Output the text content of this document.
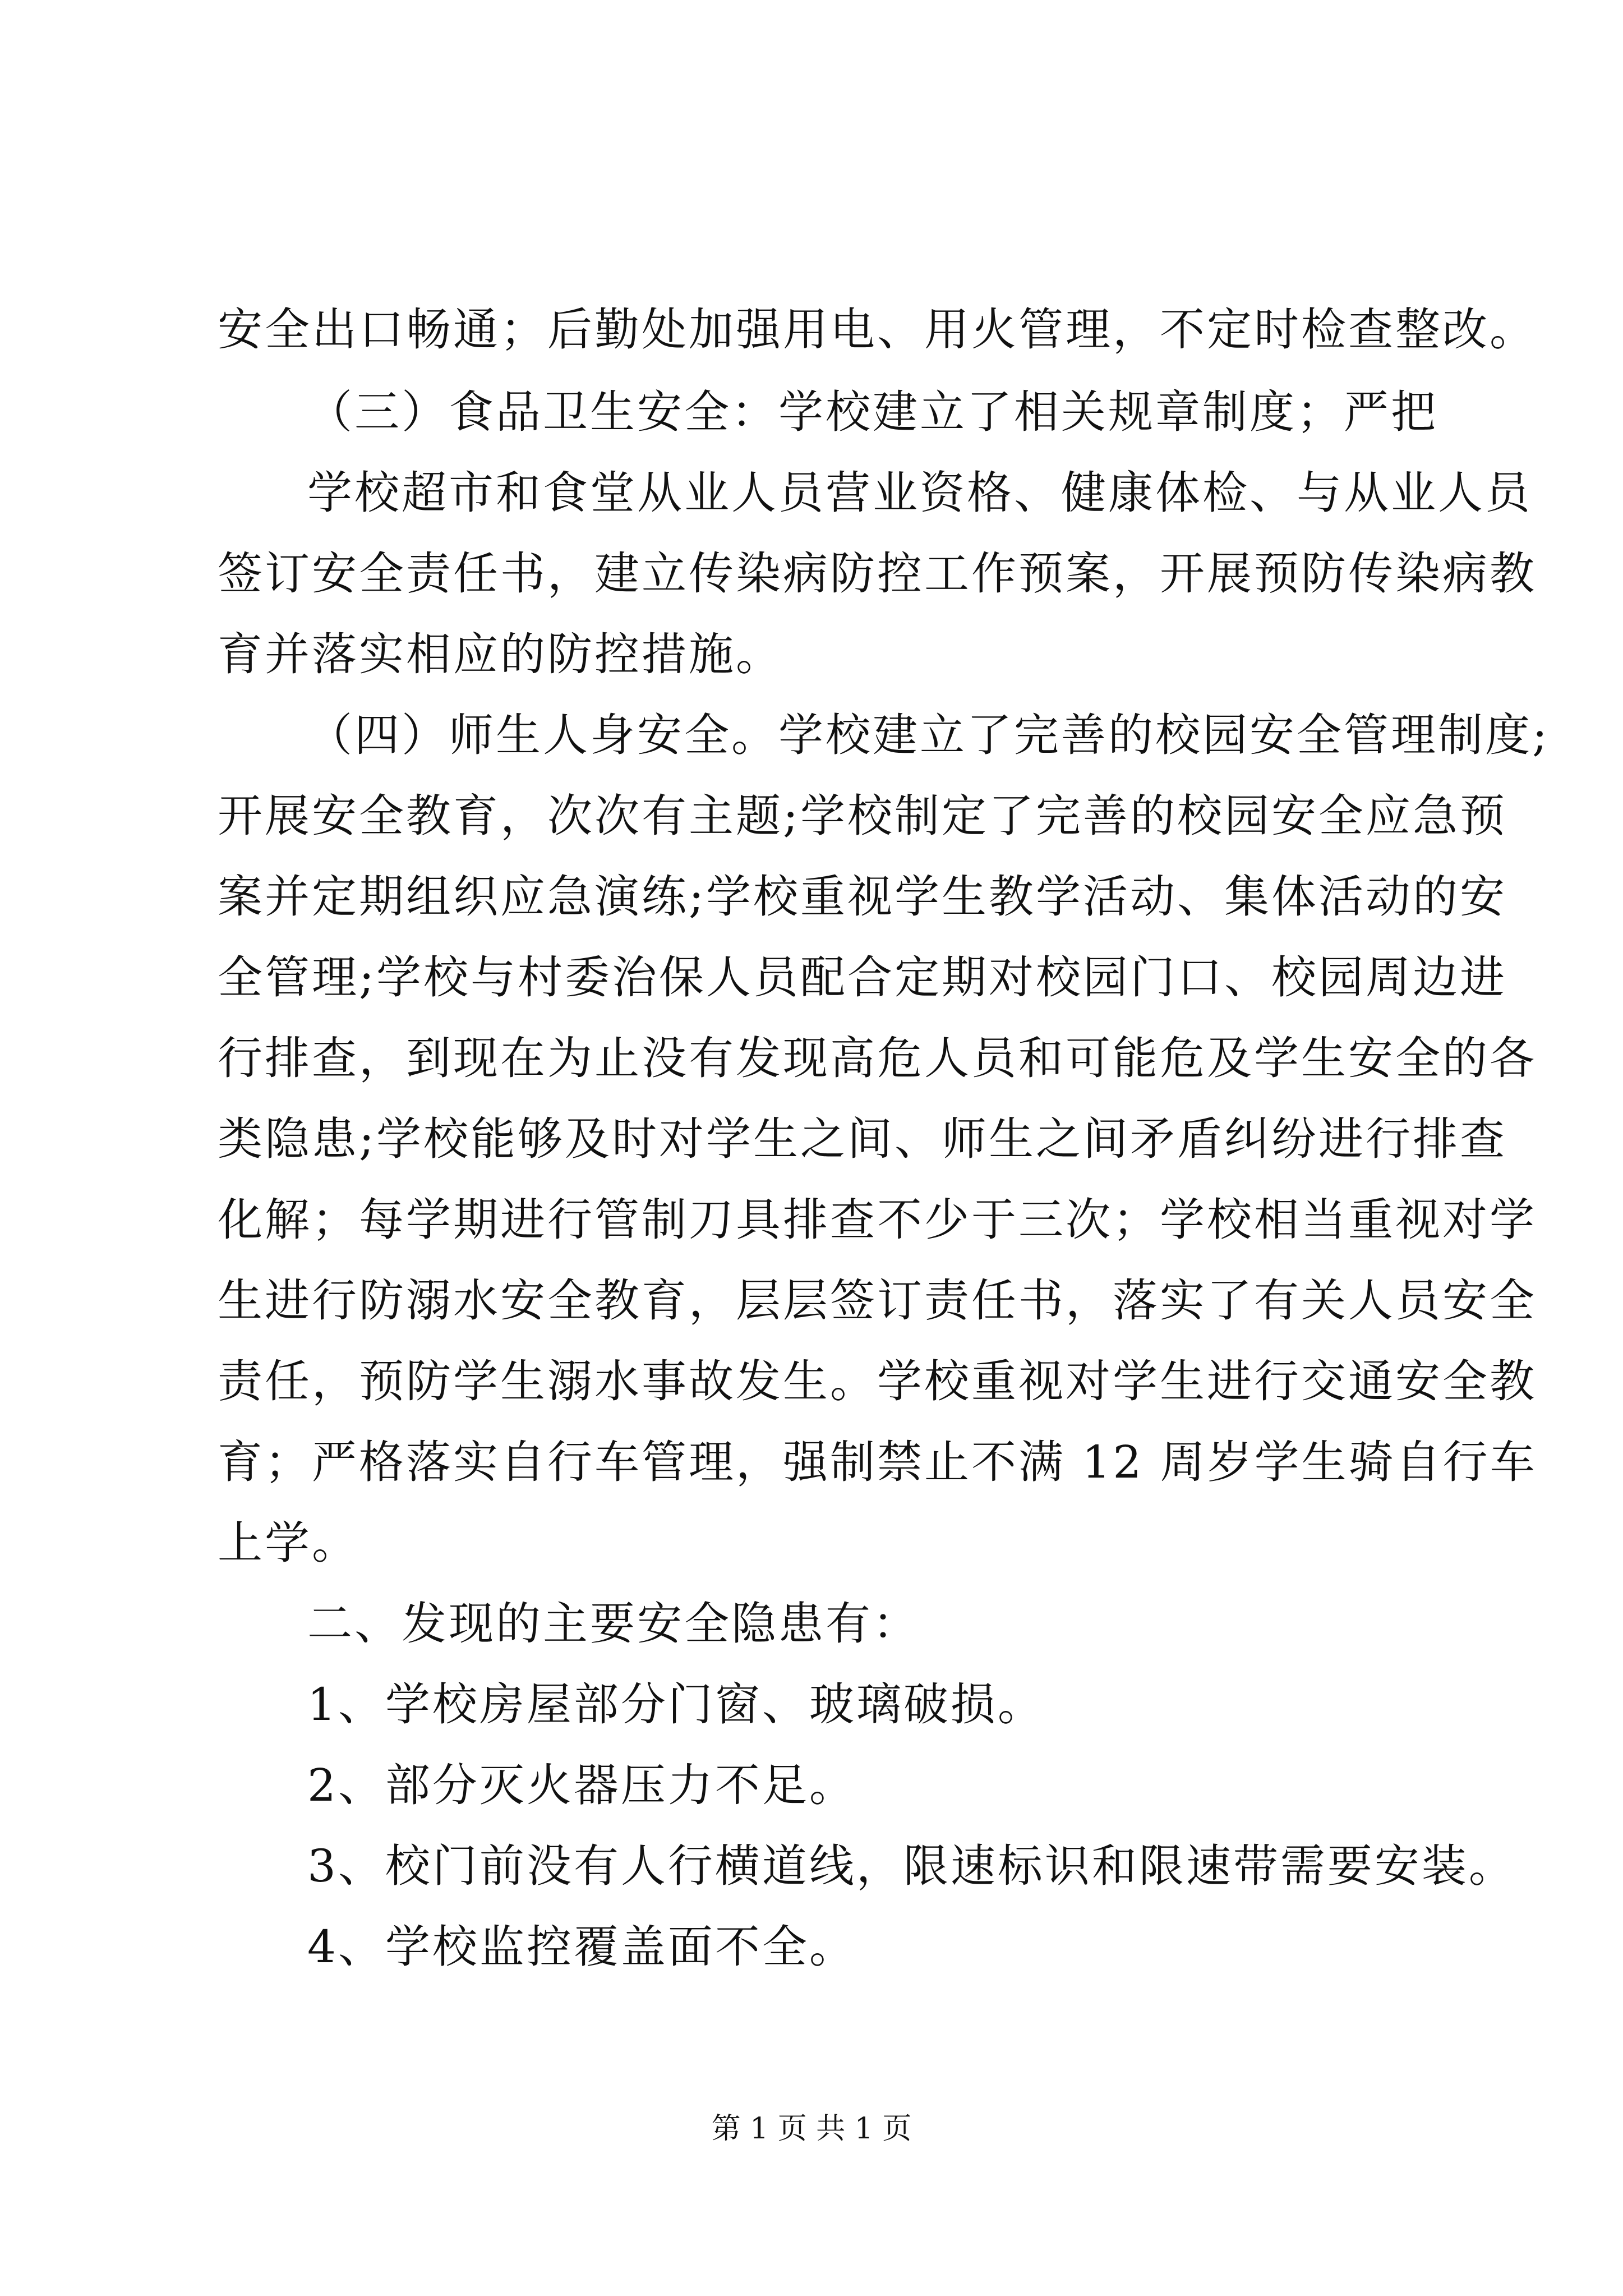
安全出口畅通；后勤处加强用电、用火管理，不定时检查整改。
（三）食品卫生安全：学校建立了相关规章制度；严把
学校超市和食堂从业人员营业资格、健康体检、与从业人员
签订安全责任书，建立传染病防控工作预案，开展预防传染病教
育并落实相应的防控措施。
（四）师生人身安全。学校建立了完善的校园安全管理制度;
开展安全教育，次次有主题;学校制定了完善的校园安全应急预
案并定期组织应急演练;学校重视学生教学活动、集体活动的安
全管理;学校与村委治保人员配合定期对校园门口、校园周边进
行排查，到现在为止没有发现高危人员和可能危及学生安全的各
类隐患;学校能够及时对学生之间、师生之间矛盾纠纷进行排查
化解；每学期进行管制刀具排查不少于三次；学校相当重视对学
生进行防溺水安全教育，层层签订责任书，落实了有关人员安全
责任，预防学生溺水事故发生。学校重视对学生进行交通安全教
育；严格落实自行车管理，强制禁止不满 12 周岁学生骑自行车
上学。
二、发现的主要安全隐患有：
1、学校房屋部分门窗、玻璃破损。
2、部分灭火器压力不足。
3、校门前没有人行横道线，限速标识和限速带需要安装。
4、学校监控覆盖面不全。
第 1 页 共 1 页
